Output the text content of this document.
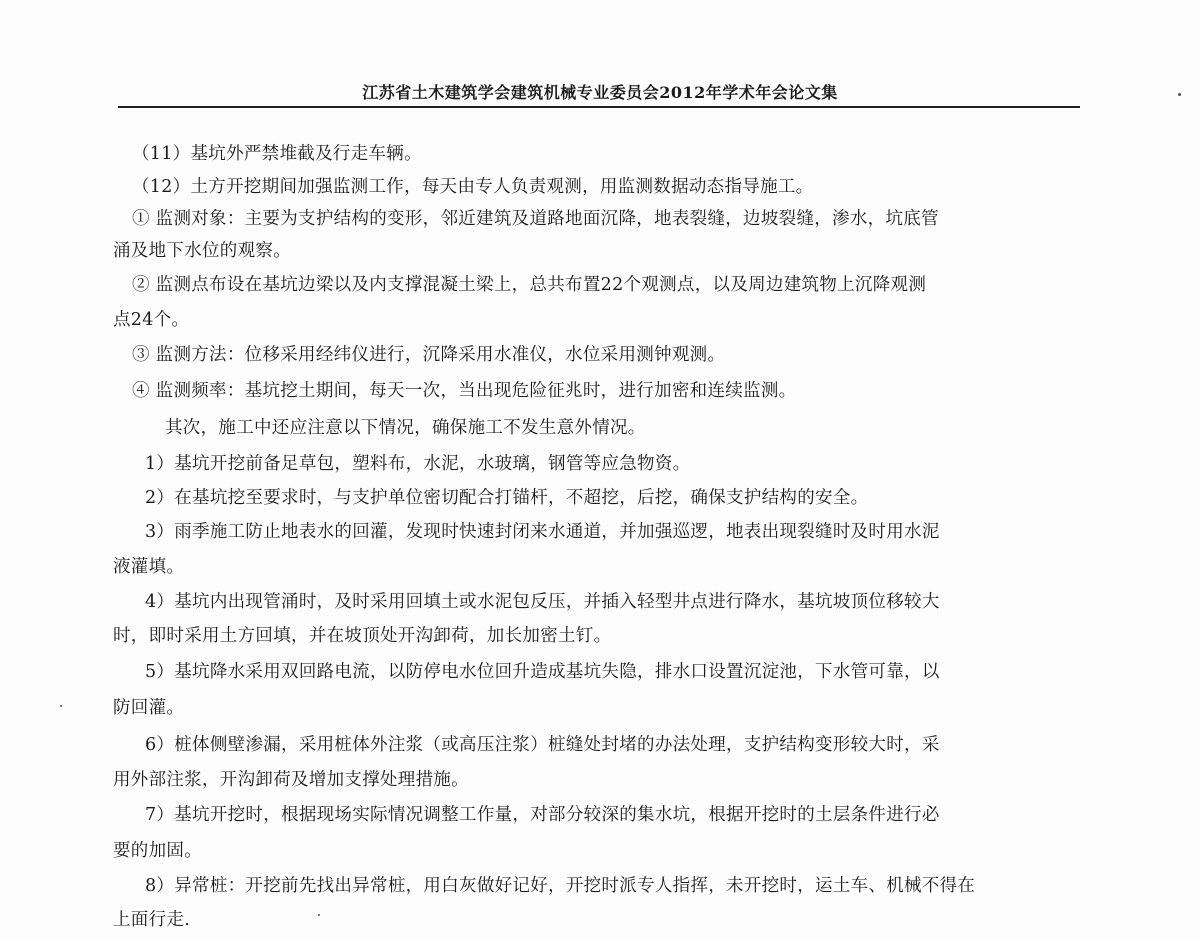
江苏省土木建筑学会建筑机械专业委员会2012年学术年会论文集
（11）基坑外严禁堆截及行走车辆。
（12）土方开挖期间加强监测工作，每天由专人负责观测，用监测数据动态指导施工。
① 监测对象：主要为支护结构的变形，邻近建筑及道路地面沉降，地表裂缝，边坡裂缝，渗水，坑底管
涌及地下水位的观察。
② 监测点布设在基坑边梁以及内支撑混凝土梁上，总共布置22个观测点，以及周边建筑物上沉降观测
点24个。
③ 监测方法：位移采用经纬仪进行，沉降采用水准仪，水位采用测钟观测。
④ 监测频率：基坑挖土期间，每天一次，当出现危险征兆时，进行加密和连续监测。
其次，施工中还应注意以下情况，确保施工不发生意外情况。
1）基坑开挖前备足草包，塑料布，水泥，水玻璃，钢管等应急物资。
2）在基坑挖至要求时，与支护单位密切配合打锚杆，不超挖，后挖，确保支护结构的安全。
3）雨季施工防止地表水的回灌，发现时快速封闭来水通道，并加强巡逻，地表出现裂缝时及时用水泥
液灌填。
4）基坑内出现管涌时，及时采用回填土或水泥包反压，并插入轻型井点进行降水，基坑坡顶位移较大
时，即时采用土方回填，并在坡顶处开沟卸荷，加长加密土钉。
5）基坑降水采用双回路电流，以防停电水位回升造成基坑失隐，排水口设置沉淀池，下水管可靠，以
防回灌。
6）桩体侧壁渗漏，采用桩体外注浆（或高压注浆）桩缝处封堵的办法处理，支护结构变形较大时，采
用外部注浆，开沟卸荷及增加支撑处理措施。
7）基坑开挖时，根据现场实际情况调整工作量，对部分较深的集水坑，根据开挖时的土层条件进行必
要的加固。
8）异常桩：开挖前先找出异常桩，用白灰做好记好，开挖时派专人指挥，未开挖时，运土车、机械不得在
上面行走.
